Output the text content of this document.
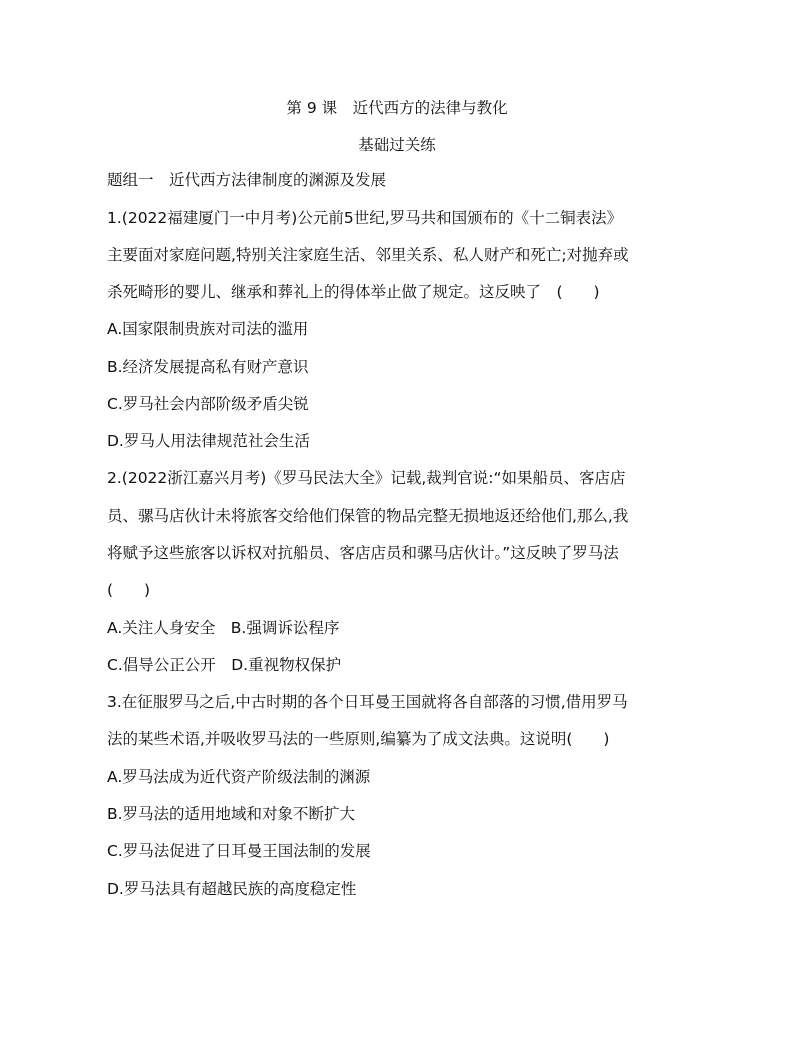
第 9 课　近代西方的法律与教化
基础过关练
题组一　近代西方法律制度的渊源及发展
1.(2022福建厦门一中月考)公元前5世纪,罗马共和国颁布的《十二铜表法》
主要面对家庭问题,特别关注家庭生活、邻里关系、私人财产和死亡;对抛弃或
杀死畸形的婴儿、继承和葬礼上的得体举止做了规定。这反映了　(　　)
A.国家限制贵族对司法的滥用
B.经济发展提高私有财产意识
C.罗马社会内部阶级矛盾尖锐
D.罗马人用法律规范社会生活
2.(2022浙江嘉兴月考)《罗马民法大全》记载,裁判官说:“如果船员、客店店
员、骡马店伙计未将旅客交给他们保管的物品完整无损地返还给他们,那么,我
将赋予这些旅客以诉权对抗船员、客店店员和骡马店伙计。”这反映了罗马法
(　　)
A.关注人身安全　B.强调诉讼程序
C.倡导公正公开　D.重视物权保护
3.在征服罗马之后,中古时期的各个日耳曼王国就将各自部落的习惯,借用罗马
法的某些术语,并吸收罗马法的一些原则,编纂为了成文法典。这说明(　　)
A.罗马法成为近代资产阶级法制的渊源
B.罗马法的适用地域和对象不断扩大
C.罗马法促进了日耳曼王国法制的发展
D.罗马法具有超越民族的高度稳定性
